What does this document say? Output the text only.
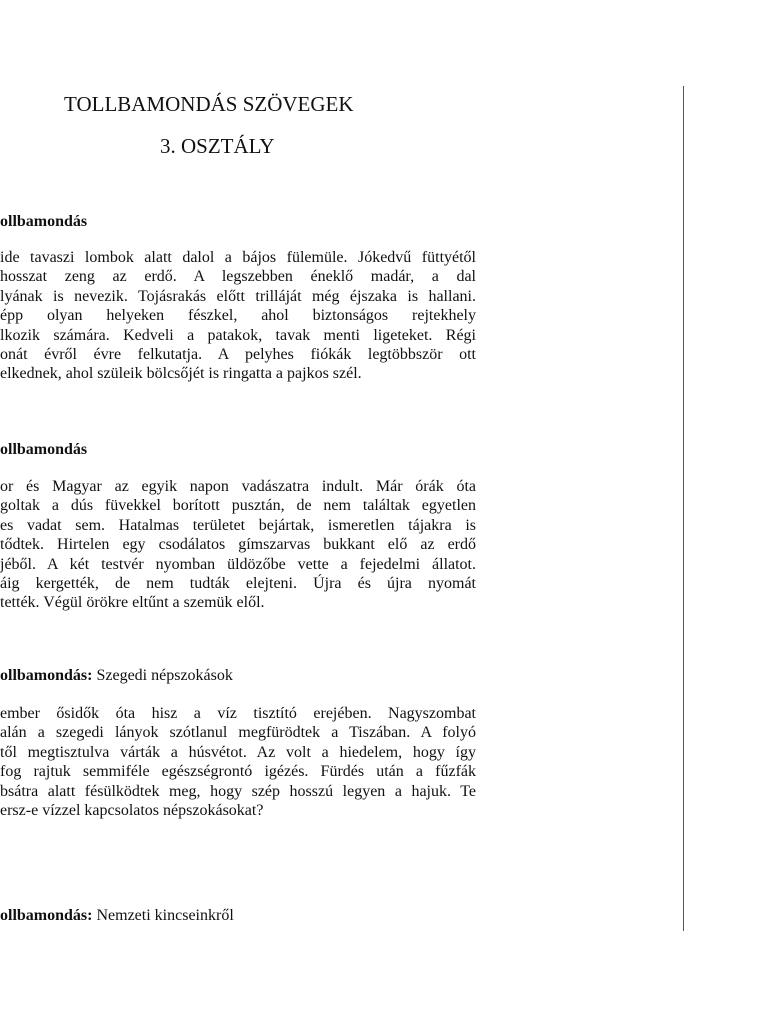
TOLLBAMONDÁS SZÖVEGEK
3. OSZTÁLY
ollbamondás
ide tavaszi lombok alatt dalol a bájos fülemüle. Jókedvű füttyétől
hosszat zeng az erdő. A legszebben éneklő madár, a dal
lyának is nevezik. Tojásrakás előtt trilláját még éjszaka is hallani.
épp olyan helyeken fészkel, ahol biztonságos rejtekhely
lkozik számára. Kedveli a patakok, tavak menti ligeteket. Régi
onát évről évre felkutatja. A pelyhes fiókák legtöbbször ott
elkednek, ahol szüleik bölcsőjét is ringatta a pajkos szél.
ollbamondás
or és Magyar az egyik napon vadászatra indult. Már órák óta
goltak a dús füvekkel borított pusztán, de nem találtak egyetlen
es vadat sem. Hatalmas területet bejártak, ismeretlen tájakra is
tődtek. Hirtelen egy csodálatos gímszarvas bukkant elő az erdő
jéből. A két testvér nyomban üldözőbe vette a fejedelmi állatot.
áig kergették, de nem tudták elejteni. Újra és újra nyomát
tették. Végül örökre eltűnt a szemük elől.
ollbamondás: Szegedi népszokások
ember ősidők óta hisz a víz tisztító erejében. Nagyszombat
alán a szegedi lányok szótlanul megfürödtek a Tiszában. A folyó
től megtisztulva várták a húsvétot. Az volt a hiedelem, hogy így
fog rajtuk semmiféle egészségrontó igézés. Fürdés után a fűzfák
bsátra alatt fésülködtek meg, hogy szép hosszú legyen a hajuk. Te
ersz-e vízzel kapcsolatos népszokásokat?
ollbamondás: Nemzeti kincseinkről
